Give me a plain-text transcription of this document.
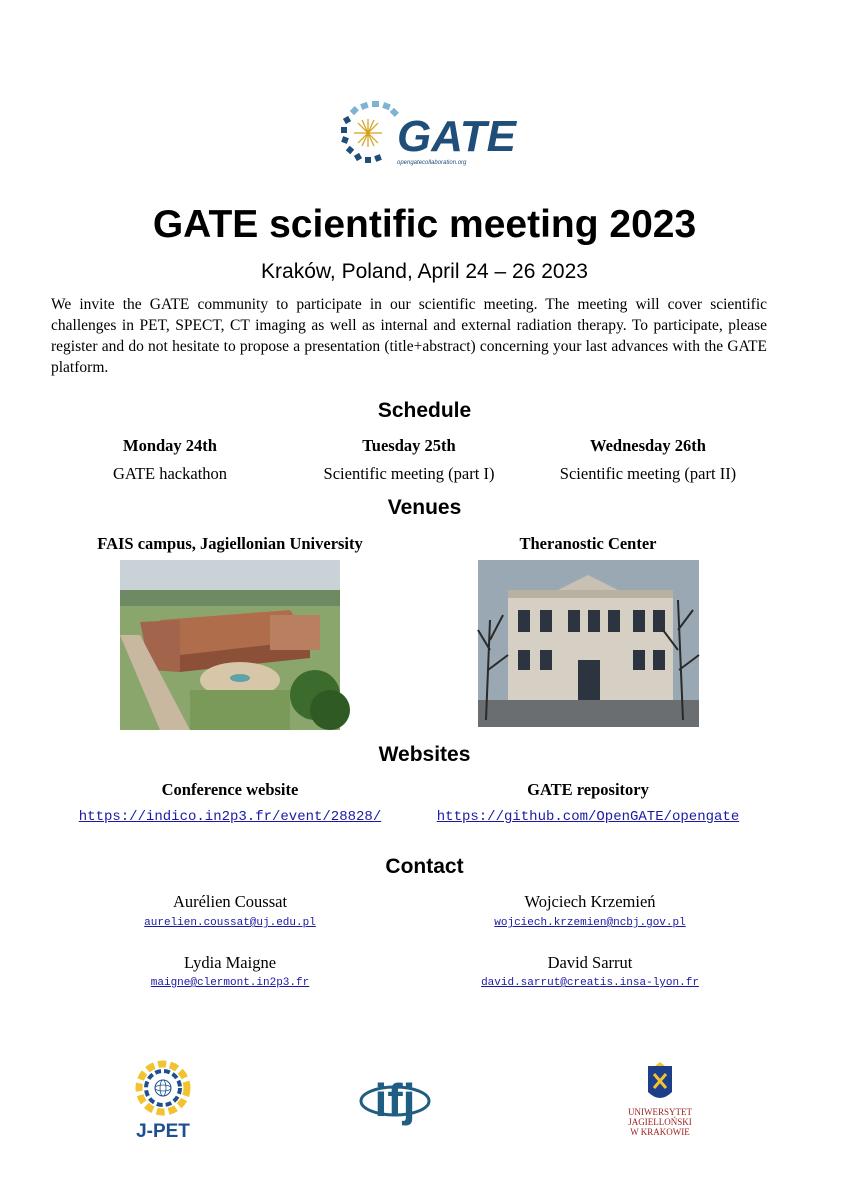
GATE
opengatecollaboration.org
GATE scientific meeting 2023
Kraków, Poland, April 24 – 26 2023
We invite the GATE community to participate in our scientific meeting. The meeting will cover scientific challenges in PET, SPECT, CT imaging as well as internal and external radiation therapy. To participate, please register and do not hesitate to propose a presentation (title+abstract) concerning your last advances with the GATE platform.
Schedule
Monday 24th
GATE hackathon
Tuesday 25th
Scientific meeting (part I)
Wednesday 26th
Scientific meeting (part II)
Venues
FAIS campus, Jagiellonian University	Theranostic Center
Websites
Conference website	GATE repository
https://indico.in2p3.fr/event/28828/	https://github.com/OpenGATE/opengate
Contact
Aurélien Coussat
aurelien.coussat@uj.edu.pl
Wojciech Krzemień
wojciech.krzemien@ncbj.gov.pl
Lydia Maigne
maigne@clermont.in2p3.fr
David Sarrut
david.sarrut@creatis.insa-lyon.fr
J-PET
ifj	UNIWERSYTET
JAGIELLOŃSKI
W KRAKOWIE
